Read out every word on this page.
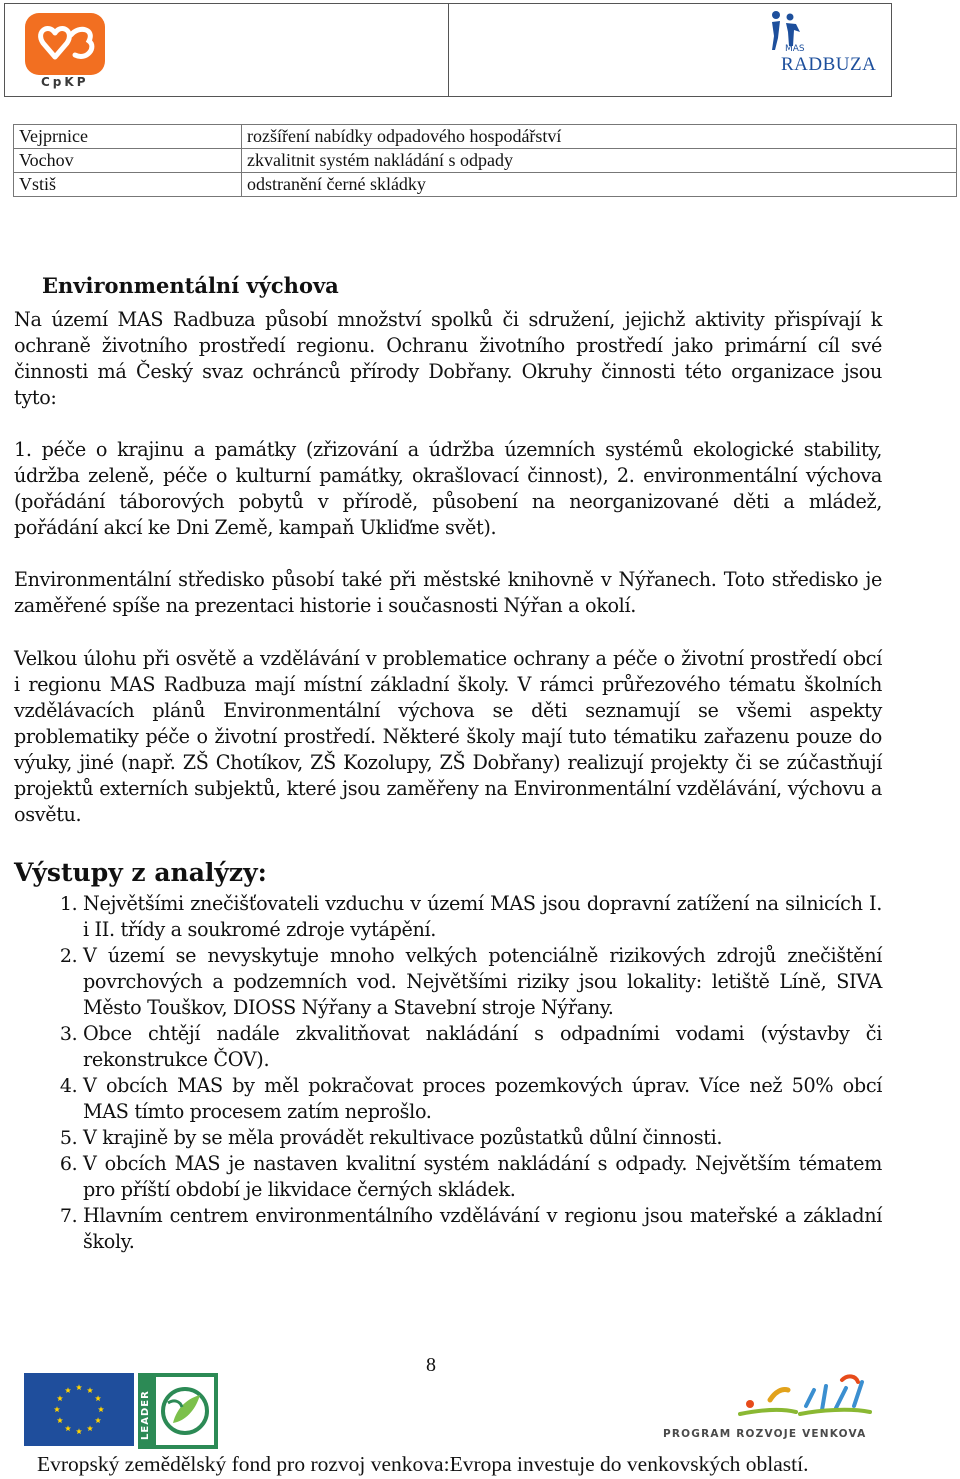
CpKP
MAS
RADBUZA
Vejprnice	rozšíření nabídky odpadového hospodářství
Vochov	zkvalitnit systém nakládání s odpady
Vstiš	odstranění černé skládky
Environmentální výchova
Na území MAS Radbuza působí množství spolků či sdružení, jejichž aktivity přispívají k ochraně životního prostředí regionu. Ochranu životního prostředí jako primární cíl své činnosti má Český svaz ochránců přírody Dobřany. Okruhy činnosti této organizace jsou tyto:
1. péče o krajinu a památky (zřizování a údržba územních systémů ekologické stability, údržba zeleně, péče o kulturní památky, okrašlovací činnost), 2. environmentální výchova (pořádání táborových pobytů v přírodě, působení na neorganizované děti a mládež, pořádání akcí ke Dni Země, kampaň Ukliďme svět).
Environmentální středisko působí také při městské knihovně v Nýřanech. Toto středisko je zaměřené spíše na prezentaci historie i současnosti Nýřan a okolí.
Velkou úlohu při osvětě a vzdělávání v problematice ochrany a péče o životní prostředí obcí i regionu MAS Radbuza mají místní základní školy. V rámci průřezového tématu školních vzdělávacích plánů Environmentální výchova se děti seznamují se všemi aspekty problematiky péče o životní prostředí. Některé školy mají tuto tématiku zařazenu pouze do výuky, jiné (např. ZŠ Chotíkov, ZŠ Kozolupy, ZŠ Dobřany) realizují projekty či se zúčastňují projektů externích subjektů, které jsou zaměřeny na Environmentální vzdělávání, výchovu a osvětu.
Výstupy z analýzy:
1. Největšími znečišťovateli vzduchu v území MAS jsou dopravní zatížení na silnicích I. i II. třídy a soukromé zdroje vytápění.
2. V území se nevyskytuje mnoho velkých potenciálně rizikových zdrojů znečištění povrchových a podzemních vod. Největšími riziky jsou lokality: letiště Líně, SIVA Město Touškov, DIOSS Nýřany a Stavební stroje Nýřany.
3. Obce chtějí nadále zkvalitňovat nakládání s odpadními vodami (výstavby či rekonstrukce ČOV).
4. V obcích MAS by měl pokračovat proces pozemkových úprav. Více než 50% obcí MAS tímto procesem zatím neprošlo.
5. V krajině by se měla provádět rekultivace pozůstatků důlní činnosti.
6. V obcích MAS je nastaven kvalitní systém nakládání s odpady. Největším tématem pro příští období je likvidace černých skládek.
7. Hlavním centrem environmentálního vzdělávání v regionu jsou mateřské a základní školy.
8
LEADER	PROGRAM ROZVOJE VENKOVA
Evropský zemědělský fond pro rozvoj venkova:Evropa investuje do venkovských oblastí.
